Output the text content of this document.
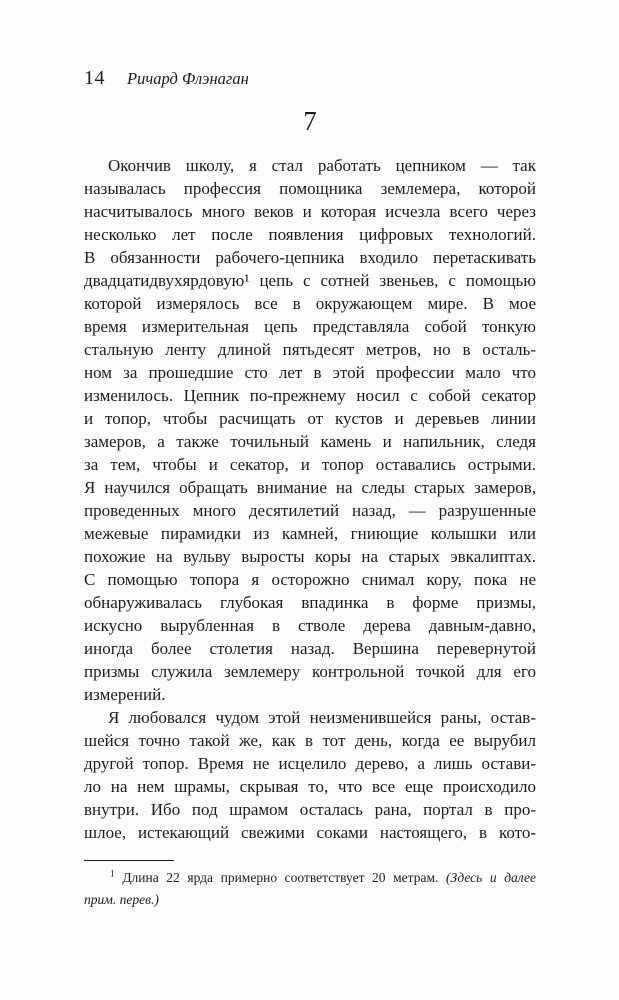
14 Ричард Флэнаган
7
Окончив школу, я стал работать цепником — так
называлась профессия помощника землемера, которой
насчитывалось много веков и которая исчезла всего через
несколько лет после появления цифровых технологий.
В обязанности рабочего-цепника входило перетаскивать
двадцатидвухярдовую¹ цепь с сотней звеньев, с помощью
которой измерялось все в окружающем мире. В мое
время измерительная цепь представляла собой тонкую
стальную ленту длиной пятьдесят метров, но в осталь-
ном за прошедшие сто лет в этой профессии мало что
изменилось. Цепник по-прежнему носил с собой секатор
и топор, чтобы расчищать от кустов и деревьев линии
замеров, а также точильный камень и напильник, следя
за тем, чтобы и секатор, и топор оставались острыми.
Я научился обращать внимание на следы старых замеров,
проведенных много десятилетий назад, — разрушенные
межевые пирамидки из камней, гниющие колышки или
похожие на вульву выросты коры на старых эвкалиптах.
С помощью топора я осторожно снимал кору, пока не
обнаруживалась глубокая впадинка в форме призмы,
искусно вырубленная в стволе дерева давным-давно,
иногда более столетия назад. Вершина перевернутой
призмы служила землемеру контрольной точкой для его
измерений.
Я любовался чудом этой неизменившейся раны, остав-
шейся точно такой же, как в тот день, когда ее вырубил
другой топор. Время не исцелило дерево, а лишь остави-
ло на нем шрамы, скрывая то, что все еще происходило
внутри. Ибо под шрамом осталась рана, портал в про-
шлое, истекающий свежими соками настоящего, в кото-
$^1$ Длина 22 ярда примерно соответствует 20 метрам. (Здесь и далее
прим. перев.)
